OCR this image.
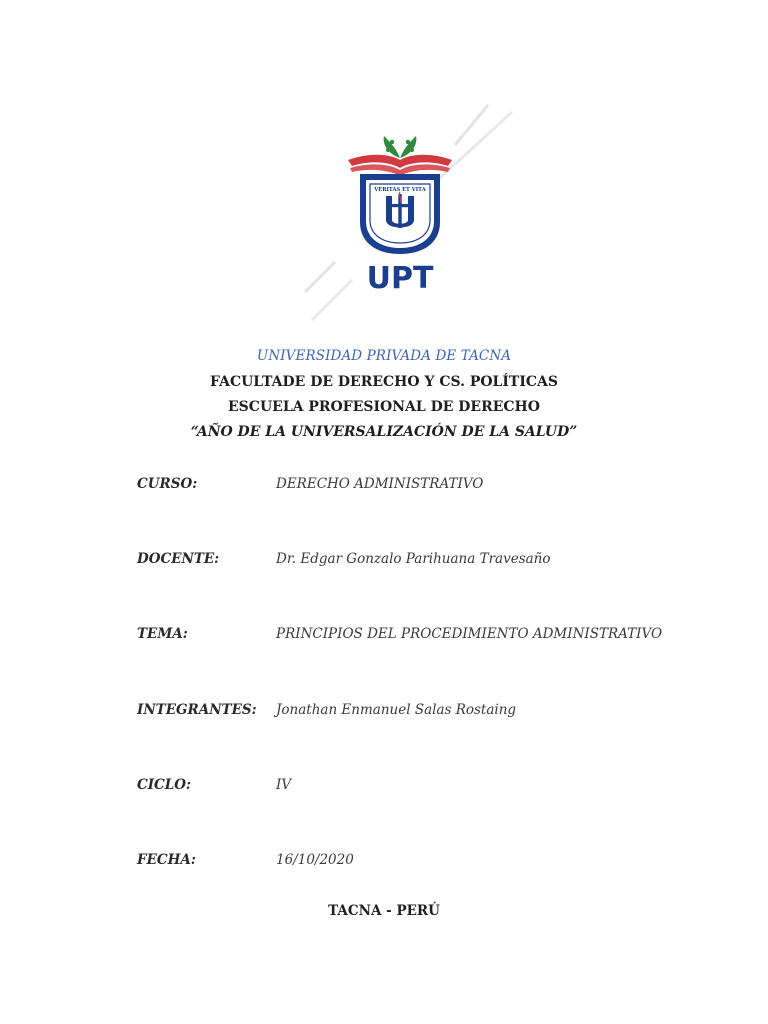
VERITAS ET VITA
UPT
UNIVERSIDAD PRIVADA DE TACNA
FACULTADE DE DERECHO Y CS. POLÍTICAS
ESCUELA PROFESIONAL DE DERECHO
“AÑO DE LA UNIVERSALIZACIÓN DE LA SALUD”
CURSO:	DERECHO ADMINISTRATIVO
DOCENTE:	Dr. Edgar Gonzalo Parihuana Travesaño
TEMA:	PRINCIPIOS DEL PROCEDIMIENTO ADMINISTRATIVO
INTEGRANTES: Jonathan Enmanuel Salas Rostaing
CICLO:	IV
FECHA:	16/10/2020
TACNA - PERÚ
